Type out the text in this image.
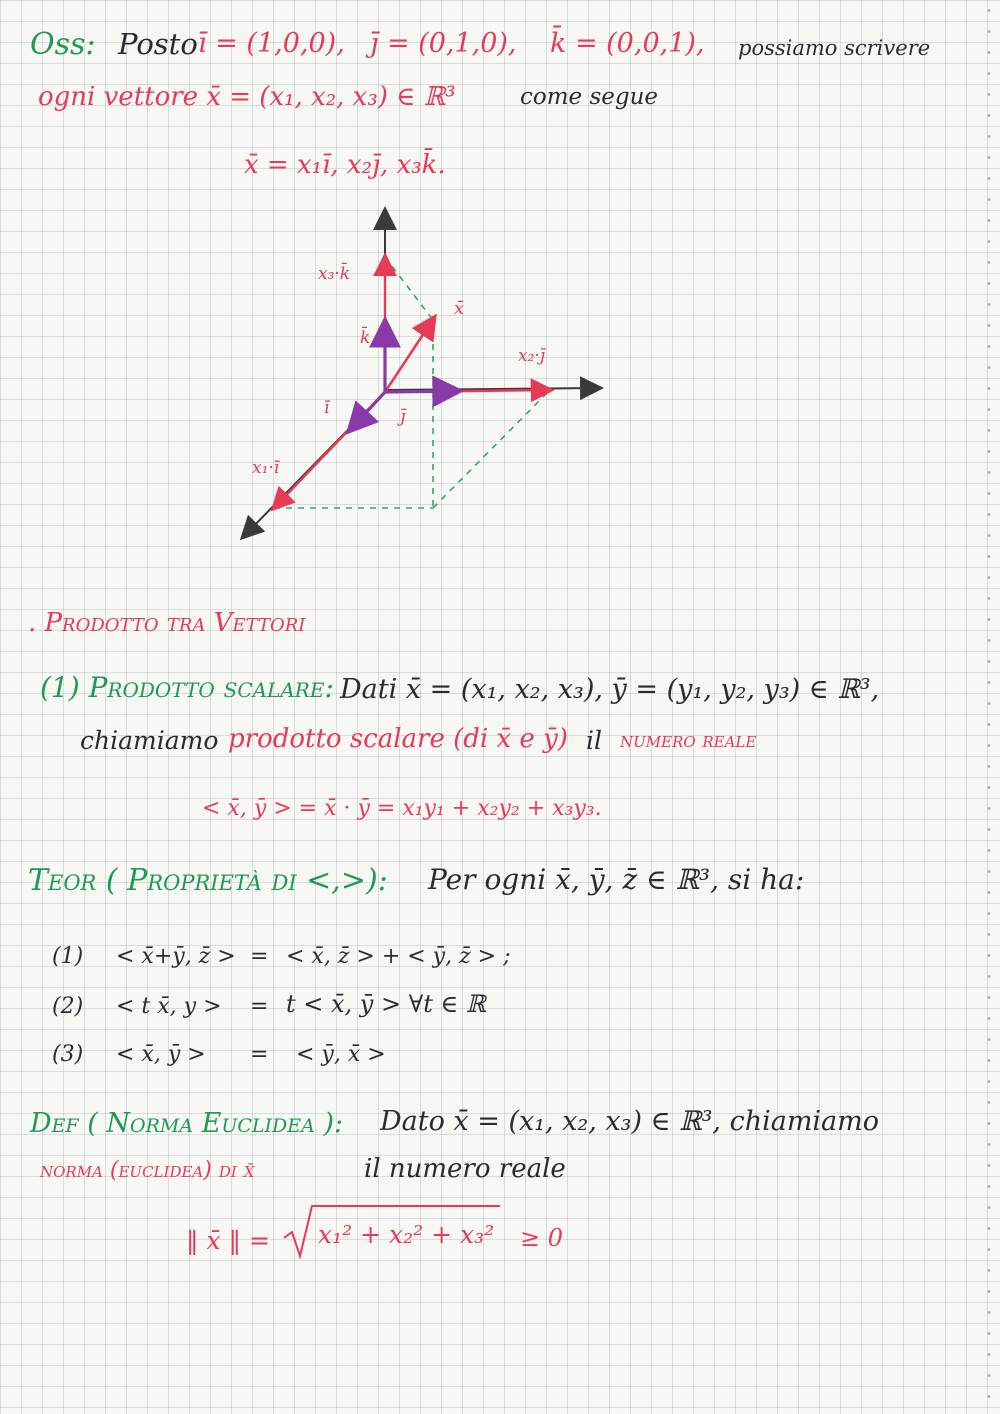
Oss: Posto ī = (1,0,0), j̄ = (0,1,0), k̄ = (0,0,1), possiamo scrivere
ogni vettore x̄ = (x₁, x₂, x₃) ∈ ℝ³	come segue
x̄ = x₁ī, x₂j̄, x₃k̄.
x₃·k̄
k̄
x̄
x₂·j̄
ī	j̄
x₁·ī
. Prodotto tra Vettori
(1) Prodotto scalare: Dati x̄ = (x₁, x₂, x₃), ȳ = (y₁, y₂, y₃) ∈ ℝ³,
chiamiamo prodotto scalare (di x̄ e ȳ) il numero reale
< x̄, ȳ > = x̄ · ȳ = x₁y₁ + x₂y₂ + x₃y₃.
Teor ( Proprietà di <,>): Per ogni x̄, ȳ, z̄ ∈ ℝ³, si ha:
(1) < x̄+ȳ, z̄ > = < x̄, z̄ > + < ȳ, z̄ > ;
(2) < t x̄, y > = t < x̄, ȳ > ∀t ∈ ℝ
(3) < x̄, ȳ > = < ȳ, x̄ >
Def ( Norma Euclidea ): Dato x̄ = (x₁, x₂, x₃) ∈ ℝ³, chiamiamo
norma (euclidea) di x̄	il numero reale
‖ x̄ ‖ = x₁² + x₂² + x₃² ≥ 0
